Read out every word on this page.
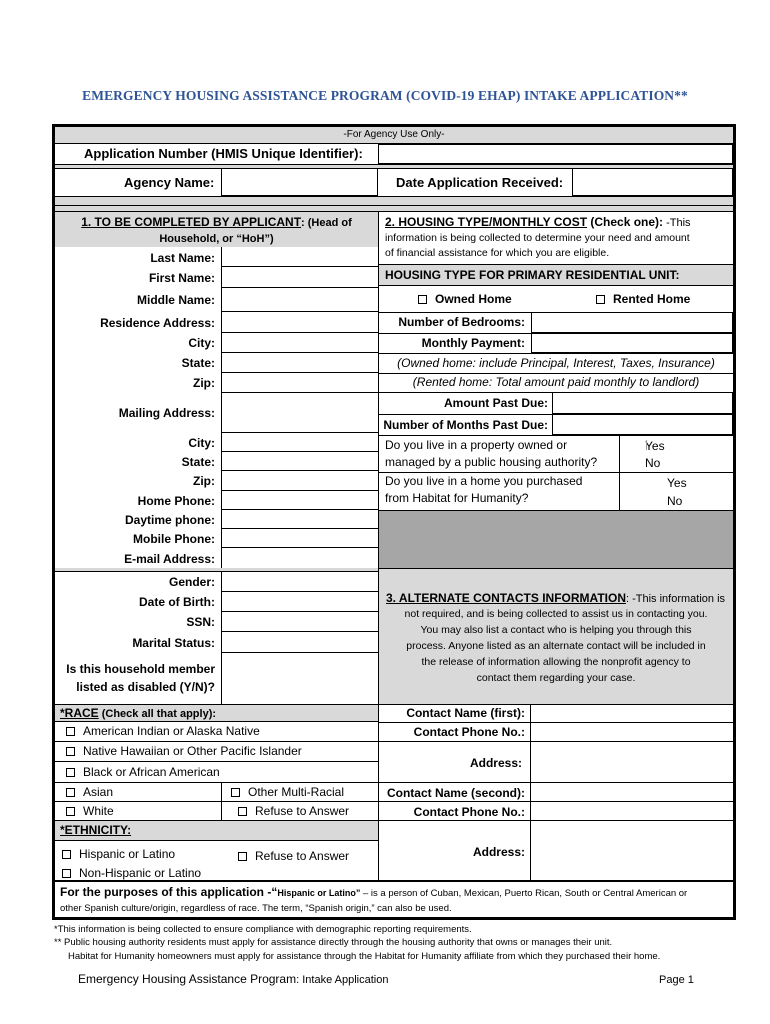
EMERGENCY HOUSING ASSISTANCE PROGRAM (COVID-19 EHAP) INTAKE APPLICATION**
-For Agency Use Only-
Application Number (HMIS Unique Identifier):
Agency Name:	Date Application Received:
1. TO BE COMPLETED BY APPLICANT: (Head of
Household, or “HoH”)
Last Name:
First Name:
Middle Name:
Residence Address:
City:
State:
Zip:
Mailing Address:
City:
State:
Zip:
Home Phone:
Daytime phone:
Mobile Phone:
E-mail Address:
Gender:
Date of Birth:
SSN:
Marital Status:
Is this household member
listed as disabled (Y/N)?
*RACE (Check all that apply):
American Indian or Alaska Native
Native Hawaiian or Other Pacific Islander
Black or African American
Asian	Other Multi-Racial
White	Refuse to Answer
*ETHNICITY:
Hispanic or Latino	Refuse to Answer
Non-Hispanic or Latino
2. HOUSING TYPE/MONTHLY COST (Check one): -This
information is being collected to determine your need and amount
of financial assistance for which you are eligible.
HOUSING TYPE FOR PRIMARY RESIDENTIAL UNIT:
Owned Home	Rented Home
Number of Bedrooms:
Monthly Payment:
(Owned home: include Principal, Interest, Taxes, Insurance)
(Rented home: Total amount paid monthly to landlord)
Amount Past Due:
Number of Months Past Due:
Do you live in a property owned or
managed by a public housing authority?
Yes
No
Do you live in a home you purchased
from Habitat for Humanity?
Yes
No
3. ALTERNATE CONTACTS INFORMATION: -This information is
not required, and is being collected to assist us in contacting you.
You may also list a contact who is helping you through this
process. Anyone listed as an alternate contact will be included in
the release of information allowing the nonprofit agency to
contact them regarding your case.
Contact Name (first):
Contact Phone No.:
Address:
Contact Name (second):
Contact Phone No.:
Address:
For the purposes of this application -“Hispanic or Latino” – is a person of Cuban, Mexican, Puerto Rican, South or Central American or
other Spanish culture/origin, regardless of race. The term, “Spanish origin,” can also be used.
*This information is being collected to ensure compliance with demographic reporting requirements.
** Public housing authority residents must apply for assistance directly through the housing authority that owns or manages their unit.
Habitat for Humanity homeowners must apply for assistance through the Habitat for Humanity affiliate from which they purchased their home.
Emergency Housing Assistance Program: Intake Application	Page 1
